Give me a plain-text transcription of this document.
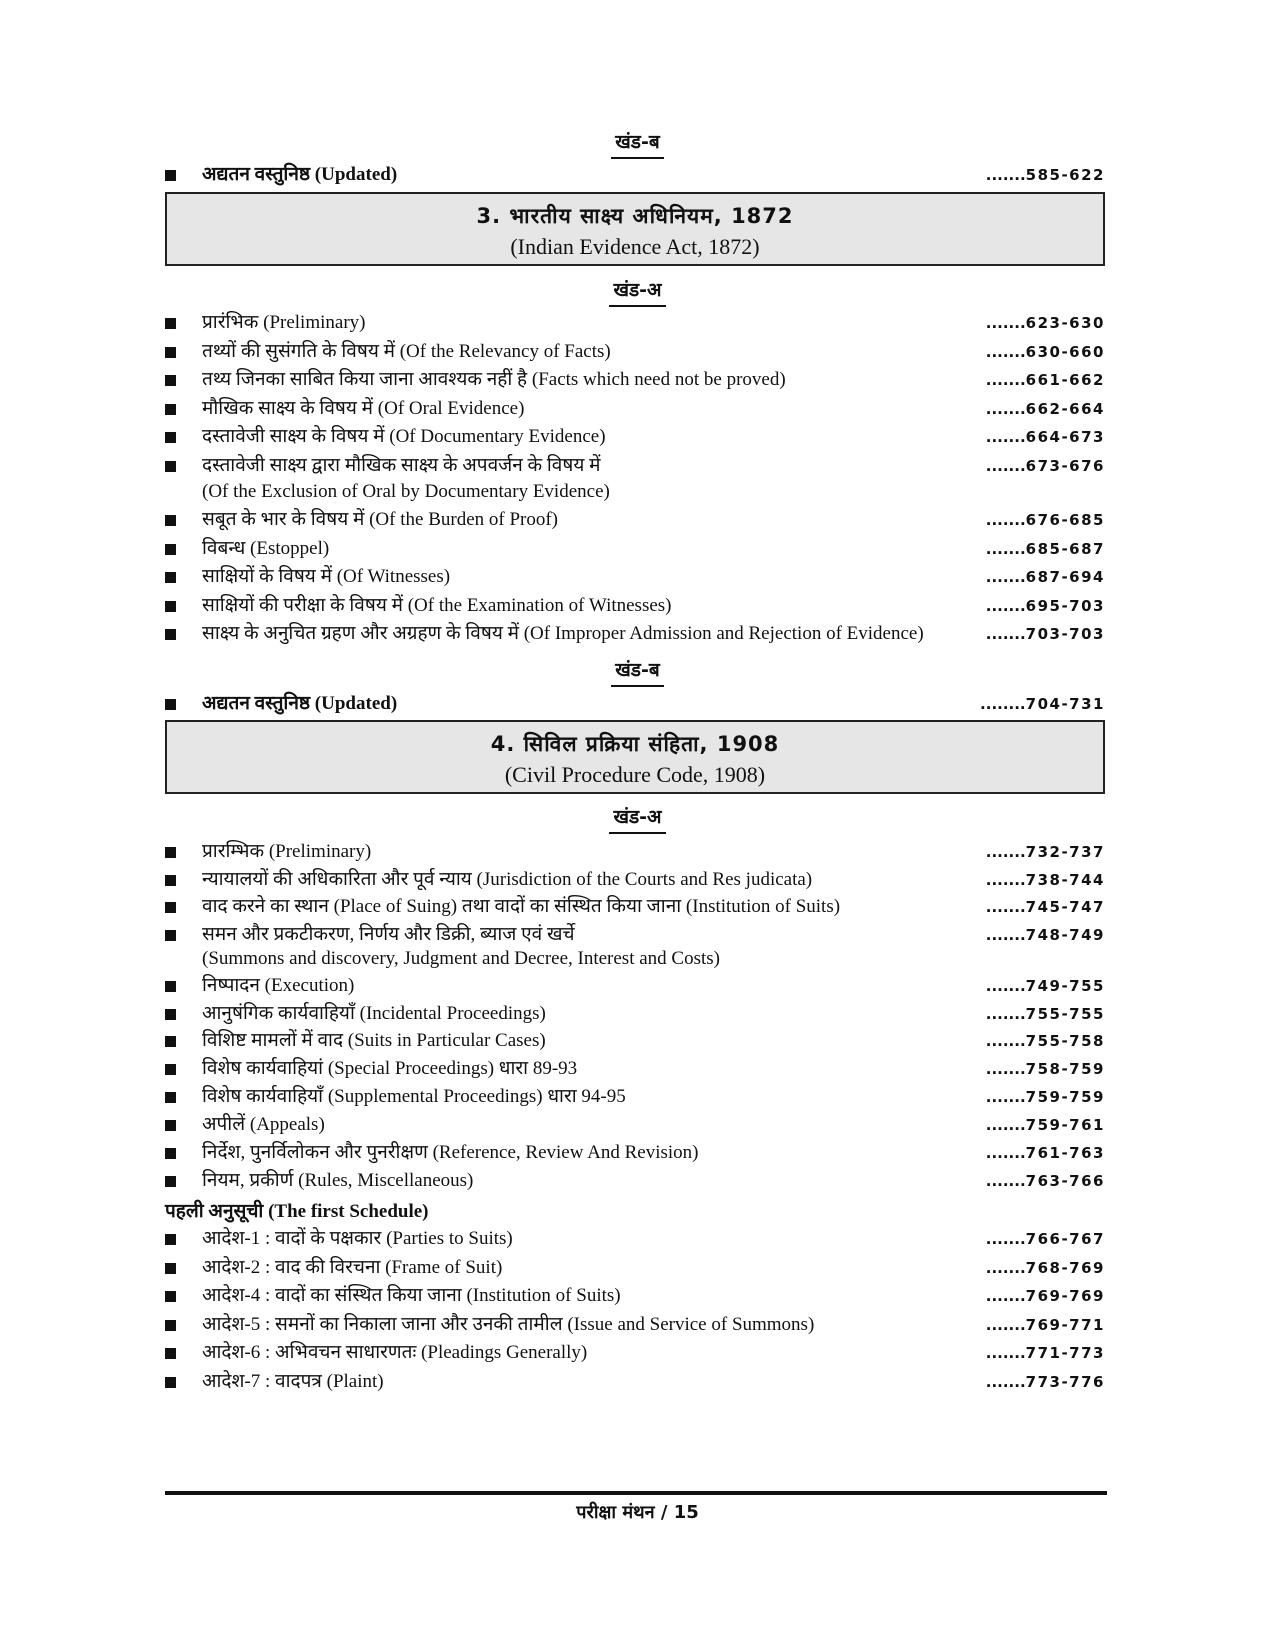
खंड-ब
अद्यतन वस्तुनिष्ठ (Updated)	.......585-622
3. भारतीय साक्ष्य अधिनियम, 1872
(Indian Evidence Act, 1872)
खंड-अ
प्रारंभिक (Preliminary)	.......623-630
तथ्यों की सुसंगति के विषय में (Of the Relevancy of Facts)	.......630-660
तथ्य जिनका साबित किया जाना आवश्यक नहीं है (Facts which need not be proved)	.......661-662
मौखिक साक्ष्य के विषय में (Of Oral Evidence)	.......662-664
दस्तावेजी साक्ष्य के विषय में (Of Documentary Evidence)	.......664-673
दस्तावेजी साक्ष्य द्वारा मौखिक साक्ष्य के अपवर्जन के विषय में	.......673-676
(Of the Exclusion of Oral by Documentary Evidence)
सबूत के भार के विषय में (Of the Burden of Proof)	.......676-685
विबन्ध (Estoppel)	.......685-687
साक्षियों के विषय में (Of Witnesses)	.......687-694
साक्षियों की परीक्षा के विषय में (Of the Examination of Witnesses)	.......695-703
साक्ष्य के अनुचित ग्रहण और अग्रहण के विषय में (Of Improper Admission and Rejection of Evidence)	.......703-703
खंड-ब
अद्यतन वस्तुनिष्ठ (Updated)	........704-731
4. सिविल प्रक्रिया संहिता, 1908
(Civil Procedure Code, 1908)
खंड-अ
प्रारम्भिक (Preliminary)	.......732-737
न्यायालयों की अधिकारिता और पूर्व न्याय (Jurisdiction of the Courts and Res judicata)	.......738-744
वाद करने का स्थान (Place of Suing) तथा वादों का संस्थित किया जाना (Institution of Suits)	.......745-747
समन और प्रकटीकरण, निर्णय और डिक्री, ब्याज एवं खर्चे	.......748-749
(Summons and discovery, Judgment and Decree, Interest and Costs)
निष्पादन (Execution)	.......749-755
आनुषंगिक कार्यवाहियाँ (Incidental Proceedings)	.......755-755
विशिष्ट मामलों में वाद (Suits in Particular Cases)	.......755-758
विशेष कार्यवाहियां (Special Proceedings) धारा 89-93	.......758-759
विशेष कार्यवाहियाँ (Supplemental Proceedings) धारा 94-95	.......759-759
अपीलें (Appeals)	.......759-761
निर्देश, पुनर्विलोकन और पुनरीक्षण (Reference, Review And Revision)	.......761-763
नियम, प्रकीर्ण (Rules, Miscellaneous)	.......763-766
पहली अनुसूची (The first Schedule)
आदेश-1 : वादों के पक्षकार (Parties to Suits)	.......766-767
आदेश-2 : वाद की विरचना (Frame of Suit)	.......768-769
आदेश-4 : वादों का संस्थित किया जाना (Institution of Suits)	.......769-769
आदेश-5 : समनों का निकाला जाना और उनकी तामील (Issue and Service of Summons)	.......769-771
आदेश-6 : अभिवचन साधारणतः (Pleadings Generally)	.......771-773
आदेश-7 : वादपत्र (Plaint)	.......773-776
परीक्षा मंथन / 15
